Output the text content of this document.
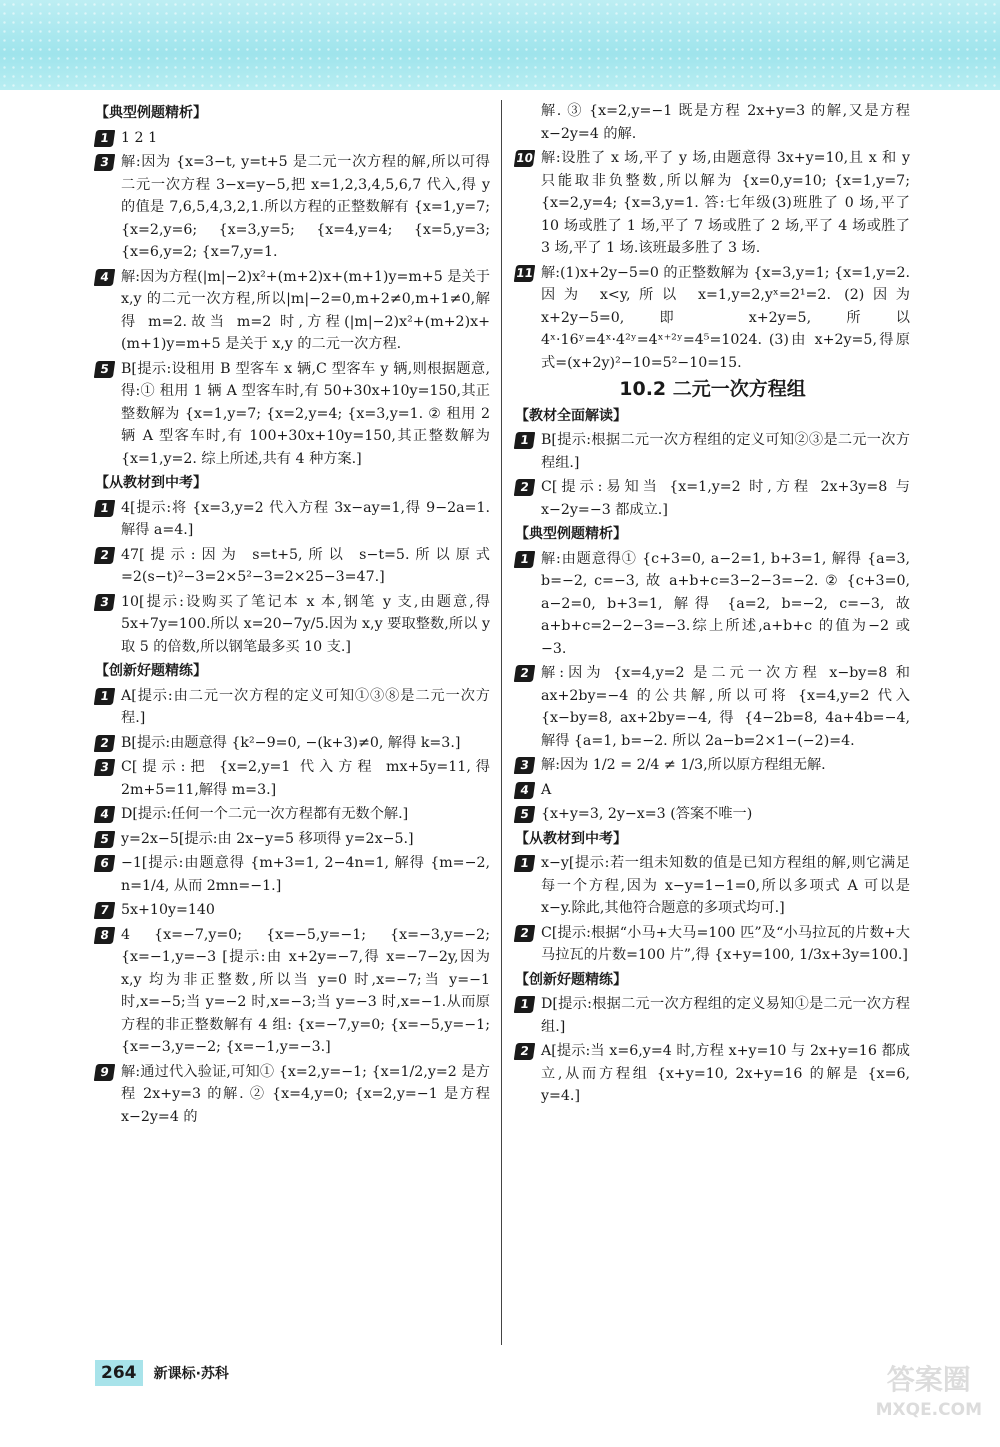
【典型例题精析】
1 1 2 1

3 解:因为 {x=3−t, y=t+5 是二元一次方程的解,所以可得二元一次方程 3−x=y−5,把 x=1,2,3,4,5,6,7 代入,得 y 的值是 7,6,5,4,3,2,1.所以方程的正整数解有 {x=1,y=7; {x=2,y=6; {x=3,y=5; {x=4,y=4; {x=5,y=3; {x=6,y=2; {x=7,y=1.

4 解:因为方程(|m|−2)x²+(m+2)x+(m+1)y=m+5 是关于 x,y 的二元一次方程,所以|m|−2=0,m+2≠0,m+1≠0,解得 m=2.故当 m=2 时,方程(|m|−2)x²+(m+2)x+(m+1)y=m+5 是关于 x,y 的二元一次方程.

5 B[提示:设租用 B 型客车 x 辆,C 型客车 y 辆,则根据题意,得:① 租用 1 辆 A 型客车时,有 50+30x+10y=150,其正整数解为 {x=1,y=7; {x=2,y=4; {x=3,y=1. ② 租用 2 辆 A 型客车时,有 100+30x+10y=150,其正整数解为 {x=1,y=2. 综上所述,共有 4 种方案.]

【从教材到中考】
1 4[提示:将 {x=3,y=2 代入方程 3x−ay=1,得 9−2a=1.解得 a=4.]

2 47[提示:因为 s=t+5,所以 s−t=5.所以原式=2(s−t)²−3=2×5²−3=2×25−3=47.]

3 10[提示:设购买了笔记本 x 本,钢笔 y 支,由题意,得 5x+7y=100.所以 x=20−7y/5.因为 x,y 要取整数,所以 y 取 5 的倍数,所以钢笔最多买 10 支.]

【创新好题精练】
1 A[提示:由二元一次方程的定义可知①③⑧是二元一次方程.]

2 B[提示:由题意得 {k²−9=0, −(k+3)≠0, 解得 k=3.]

3 C[提示:把 {x=2,y=1 代入方程 mx+5y=11,得 2m+5=11,解得 m=3.]

4 D[提示:任何一个二元一次方程都有无数个解.]

5 y=2x−5[提示:由 2x−y=5 移项得 y=2x−5.]

6 −1[提示:由题意得 {m+3=1, 2−4n=1, 解得 {m=−2, n=1/4, 从而 2mn=−1.]

7 5x+10y=140

8 4 {x=−7,y=0; {x=−5,y=−1; {x=−3,y=−2; {x=−1,y=−3 [提示:由 x+2y=−7,得 x=−7−2y,因为 x,y 均为非正整数,所以当 y=0 时,x=−7;当 y=−1 时,x=−5;当 y=−2 时,x=−3;当 y=−3 时,x=−1.从而原方程的非正整数解有 4 组: {x=−7,y=0; {x=−5,y=−1; {x=−3,y=−2; {x=−1,y=−3.]

9 解:通过代入验证,可知① {x=2,y=−1; {x=1/2,y=2 是方程 2x+y=3 的解. ② {x=4,y=0; {x=2,y=−1 是方程 x−2y=4 的

解. ③ {x=2,y=−1 既是方程 2x+y=3 的解,又是方程 x−2y=4 的解.

10 解:设胜了 x 场,平了 y 场,由题意得 3x+y=10,且 x 和 y 只能取非负整数,所以解为 {x=0,y=10; {x=1,y=7; {x=2,y=4; {x=3,y=1. 答:七年级(3)班胜了 0 场,平了 10 场或胜了 1 场,平了 7 场或胜了 2 场,平了 4 场或胜了 3 场,平了 1 场.该班最多胜了 3 场.

11 解:(1)x+2y−5=0 的正整数解为 {x=3,y=1; {x=1,y=2. 因为 x<y,所以 x=1,y=2,yˣ=2¹=2. (2)因为 x+2y−5=0,即 x+2y=5,所以 4ˣ·16ʸ=4ˣ·4²ʸ=4ˣ⁺²ʸ=4⁵=1024. (3)由 x+2y=5,得原式=(x+2y)²−10=5²−10=15.

10.2 二元一次方程组
【教材全面解读】
1 B[提示:根据二元一次方程组的定义可知②③是二元一次方程组.]

2 C[提示:易知当 {x=1,y=2 时,方程 2x+3y=8 与 x−2y=−3 都成立.]

【典型例题精析】
1 解:由题意得① {c+3=0, a−2=1, b+3=1, 解得 {a=3, b=−2, c=−3, 故 a+b+c=3−2−3=−2. ② {c+3=0, a−2=0, b+3=1, 解得 {a=2, b=−2, c=−3, 故 a+b+c=2−2−3=−3.综上所述,a+b+c 的值为−2 或−3.

2 解:因为 {x=4,y=2 是二元一次方程 x−by=8 和 ax+2by=−4 的公共解,所以可将 {x=4,y=2 代入 {x−by=8, ax+2by=−4, 得 {4−2b=8, 4a+4b=−4, 解得 {a=1, b=−2. 所以 2a−b=2×1−(−2)=4.

3 解:因为 1/2 = 2/4 ≠ 1/3,所以原方程组无解.

4 A

5 {x+y=3, 2y−x=3 (答案不唯一)

【从教材到中考】
1 x−y[提示:若一组未知数的值是已知方程组的解,则它满足每一个方程,因为 x−y=1−1=0,所以多项式 A 可以是 x−y.除此,其他符合题意的多项式均可.]

2 C[提示:根据“小马+大马=100 匹”及“小马拉瓦的片数+大马拉瓦的片数=100 片”,得 {x+y=100, 1/3x+3y=100.]

【创新好题精练】
1 D[提示:根据二元一次方程组的定义易知①是二元一次方程组.]

2 A[提示:当 x=6,y=4 时,方程 x+y=10 与 2x+y=16 都成立,从而方程组 {x+y=10, 2x+y=16 的解是 {x=6, y=4.]

264 新课标·苏科	答案圈
MXQE.COM
